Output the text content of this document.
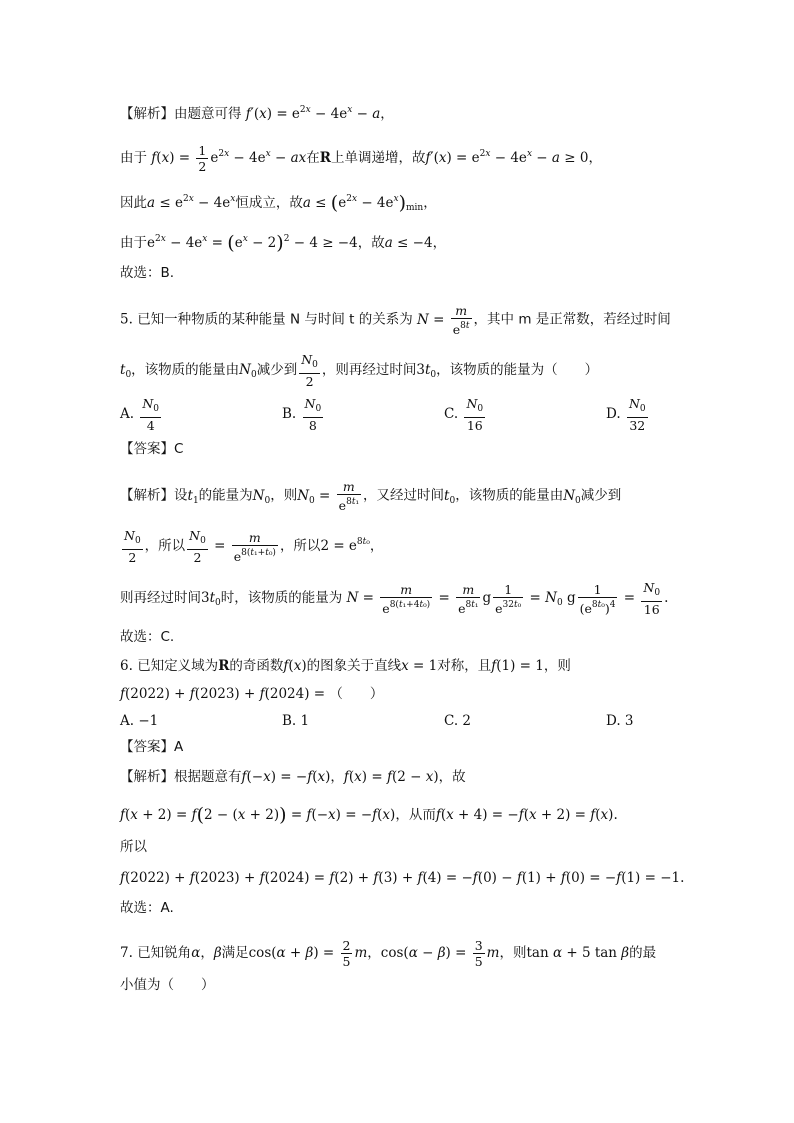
【解析】由题意可得 $f'(x) = e^{2x} - 4e^x - a$，
由于 $f(x) = \frac{1}{2} e^{2x} - 4e^x$ − ax在R上单调递增，故$f'(x) = e^{2x} - 4e^x - a \ge 0$，
因此$a \le e^{2x} - 4e^x$恒成立，故$a \le (e^{2x} - 4e^x)_{min}$，
由于$e^{2x} - 4e^x = (e^x - 2)^2 - 4 \ge -4$，故a ≤ −4，
故选：B.
5. 已知一种物质的某种能量 N 与时间 t 的关系为 $N = \frac{m}{e^{8t}}$ ，其中 m 是正常数，若经过时间
$t_0$，该物质的能量由$N_0$减少到 $\frac{N_0}{2}$ ，则再经过时间$3t_0$，该物质的能量为（　　）
A. $\frac{N_0}{4}$	B. $\frac{N_0}{8}$	C. $\frac{N_0}{16}$	D. $\frac{N_0}{32}$
【答案】C
【解析】设$t_1$的能量为$N_0$，则$N_0 = \frac{m}{e^{8t_1}}$ ，又经过时间$t_0$，该物质的能量由$N_0$减少到
$\frac{N_0}{2}$ ，所以 $\frac{N_0}{2} = \frac{m}{e^{8(t_1+t_0)}}$ ，所以$2 = e^{8t_0}$，
则再经过时间$3t_0$时，该物质的能量为 $N = \frac{m}{e^{8(t_1+4t_0)}} = \frac{m}{e^{8t_1}}$ g $\frac{1}{e^{32t_0}} = N_0$ g $\frac{1}{(e^{8t_0})^4} = \frac{N_0}{16}$ .
故选：C.
6. 已知定义域为R的奇函数f(x)的图象关于直线x = 1对称，且f(1) = 1，则
f(2022) + f(2023) + f(2024) = （　　）
A. −1	B. 1	C. 2	D. 3
【答案】A
【解析】根据题意有f(−x) = −f(x)，f(x) = f(2 − x)，故
f(x + 2) = f(2 − (x + 2)) = f(−x) = −f(x)，从而f(x + 4) = −f(x + 2) = f(x).
所以
f(2022) + f(2023) + f(2024) = f(2) + f(3) + f(4) = −f(0) − f(1) + f(0) = −f(1) = −1.
故选：A.
7. 已知锐角α，β满足$\cos(\alpha + \beta) = \frac{2}{5}$ m，$\cos(\alpha - \beta) = \frac{3}{5}$ m，则tan α + 5 tan β的最
小值为（　　）
